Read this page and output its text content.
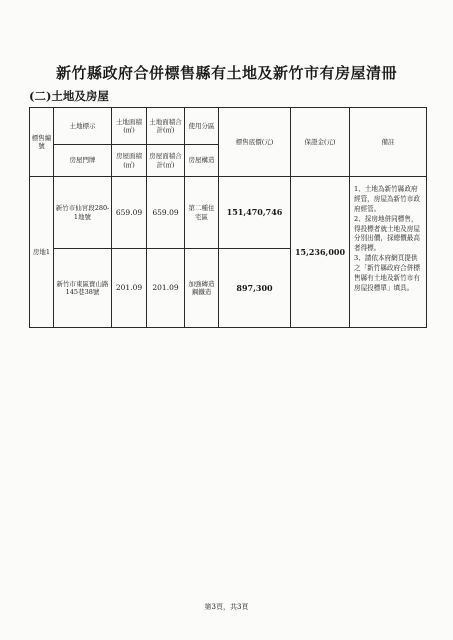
新竹縣政府合併標售縣有土地及新竹市有房屋清冊
(二)土地及房屋
標售編號	土地標示	土地面積(㎡)	土地面積合計(㎡)	使用分區	標售底價(元)	保證金(元)	備註
	房屋門牌	房屋面積(㎡)	房屋面積合計(㎡)	房屋構造			
房地1	新竹市仙宮段280-1地號	659.09	659.09	第二種住宅區	151,470,746	15,236,000	1、土地為新竹縣政府經管，房屋為新竹市政府經管。

2、採房地併同標售，得投標者就土地及房屋分別出價，採總價最高者得標。

3、請依本府網頁提供之「新竹縣政府合併標售縣有土地及新竹市有房屋投標單」填具。

	新竹市東區寶山路145巷38號	201.09	201.09	加強磚造鋼鐵造	897,300		
第3頁，共3頁
